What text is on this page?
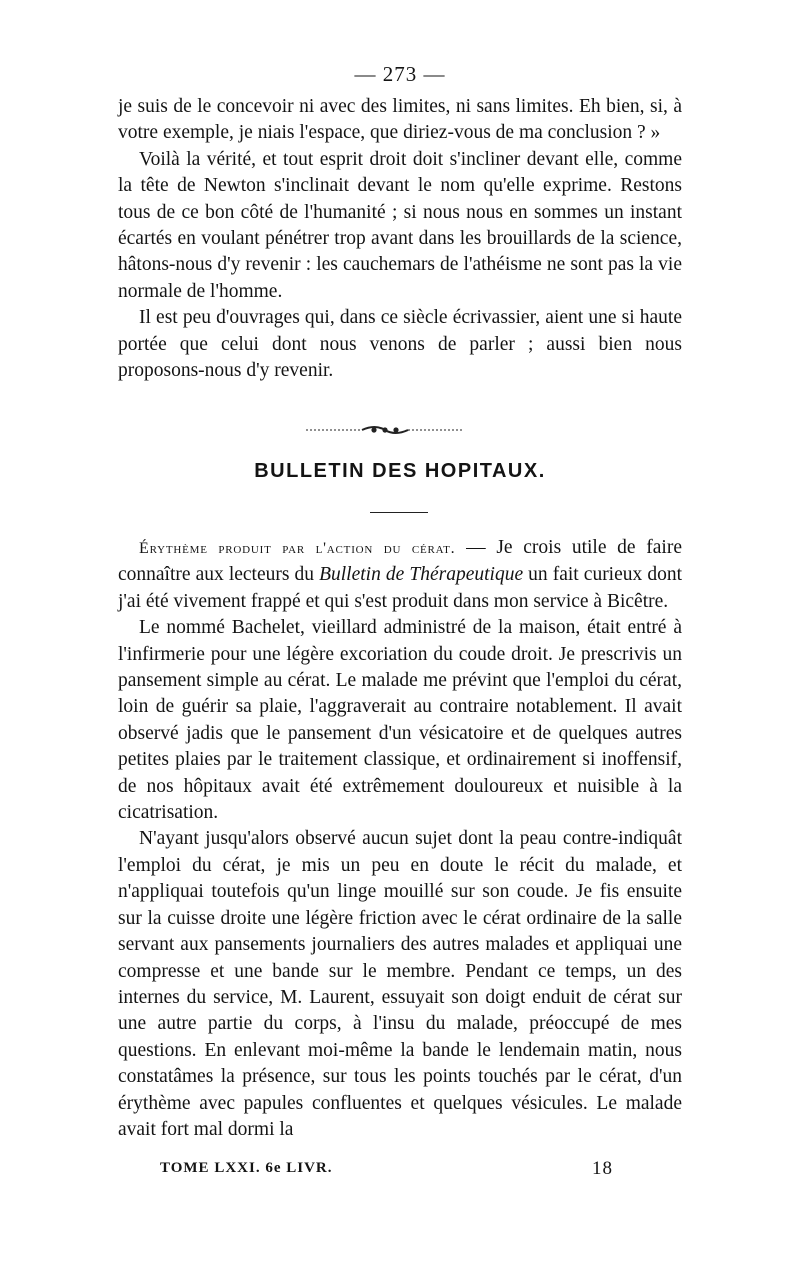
— 273 —

je suis de le concevoir ni avec des limites, ni sans limites. Eh bien, si, à votre exemple, je niais l'espace, que diriez-vous de ma conclusion ? »

Voilà la vérité, et tout esprit droit doit s'incliner devant elle, comme la tête de Newton s'inclinait devant le nom qu'elle exprime. Restons tous de ce bon côté de l'humanité ; si nous nous en sommes un instant écartés en voulant pénétrer trop avant dans les brouillards de la science, hâtons-nous d'y revenir : les cauchemars de l'athéisme ne sont pas la vie normale de l'homme.

Il est peu d'ouvrages qui, dans ce siècle écrivassier, aient une si haute portée que celui dont nous venons de parler ; aussi bien nous proposons-nous d'y revenir.

BULLETIN DES HOPITAUX.

Érythème produit par l'action du cérat. — Je crois utile de faire connaître aux lecteurs du Bulletin de Thérapeutique un fait curieux dont j'ai été vivement frappé et qui s'est produit dans mon service à Bicêtre.

Le nommé Bachelet, vieillard administré de la maison, était entré à l'infirmerie pour une légère excoriation du coude droit. Je prescrivis un pansement simple au cérat. Le malade me prévint que l'emploi du cérat, loin de guérir sa plaie, l'aggraverait au contraire notablement. Il avait observé jadis que le pansement d'un vésicatoire et de quelques autres petites plaies par le traitement classique, et ordinairement si inoffensif, de nos hôpitaux avait été extrêmement douloureux et nuisible à la cicatrisation.

N'ayant jusqu'alors observé aucun sujet dont la peau contre-indiquât l'emploi du cérat, je mis un peu en doute le récit du malade, et n'appliquai toutefois qu'un linge mouillé sur son coude. Je fis ensuite sur la cuisse droite une légère friction avec le cérat ordinaire de la salle servant aux pansements journaliers des autres malades et appliquai une compresse et une bande sur le membre. Pendant ce temps, un des internes du service, M. Laurent, essuyait son doigt enduit de cérat sur une autre partie du corps, à l'insu du malade, préoccupé de mes questions. En enlevant moi-même la bande le lendemain matin, nous constatâmes la présence, sur tous les points touchés par le cérat, d'un érythème avec papules confluentes et quelques vésicules. Le malade avait fort mal dormi la

TOME LXXI. 6e LIVR.	18
